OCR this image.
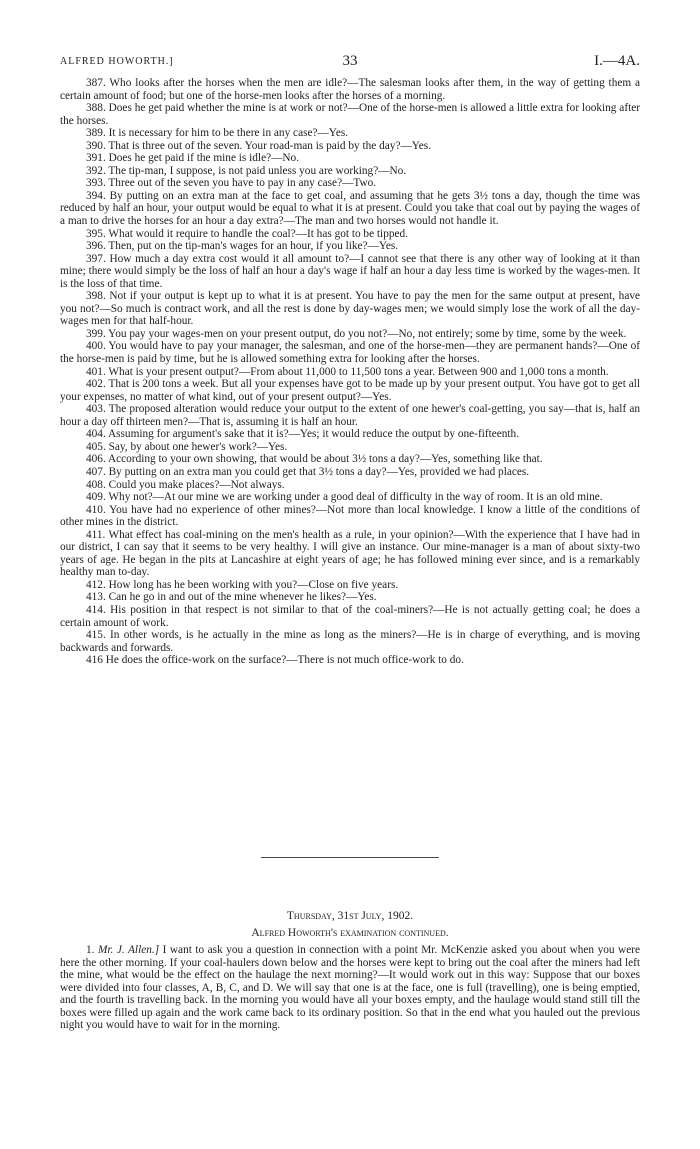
ALFRED HOWORTH.]	33	I.—4A.

387. Who looks after the horses when the men are idle?—The salesman looks after them, in the way of getting them a certain amount of food; but one of the horse-men looks after the horses of a morning.

388. Does he get paid whether the mine is at work or not?—One of the horse-men is allowed a little extra for looking after the horses.

389. It is necessary for him to be there in any case?—Yes.

390. That is three out of the seven. Your road-man is paid by the day?—Yes.

391. Does he get paid if the mine is idle?—No.

392. The tip-man, I suppose, is not paid unless you are working?—No.

393. Three out of the seven you have to pay in any case?—Two.

394. By putting on an extra man at the face to get coal, and assuming that he gets 3½ tons a day, though the time was reduced by half an hour, your output would be equal to what it is at present. Could you take that coal out by paying the wages of a man to drive the horses for an hour a day extra?—The man and two horses would not handle it.

395. What would it require to handle the coal?—It has got to be tipped.

396. Then, put on the tip-man's wages for an hour, if you like?—Yes.

397. How much a day extra cost would it all amount to?—I cannot see that there is any other way of looking at it than mine; there would simply be the loss of half an hour a day's wage if half an hour a day less time is worked by the wages-men. It is the loss of that time.

398. Not if your output is kept up to what it is at present. You have to pay the men for the same output at present, have you not?—So much is contract work, and all the rest is done by day-wages men; we would simply lose the work of all the day-wages men for that half-hour.

399. You pay your wages-men on your present output, do you not?—No, not entirely; some by time, some by the week.

400. You would have to pay your manager, the salesman, and one of the horse-men—they are permanent hands?—One of the horse-men is paid by time, but he is allowed something extra for looking after the horses.

401. What is your present output?—From about 11,000 to 11,500 tons a year. Between 900 and 1,000 tons a month.

402. That is 200 tons a week. But all your expenses have got to be made up by your present output. You have got to get all your expenses, no matter of what kind, out of your present output?—Yes.

403. The proposed alteration would reduce your output to the extent of one hewer's coal-getting, you say—that is, half an hour a day off thirteen men?—That is, assuming it is half an hour.

404. Assuming for argument's sake that it is?—Yes; it would reduce the output by one-fifteenth.

405. Say, by about one hewer's work?—Yes.

406. According to your own showing, that would be about 3½ tons a day?—Yes, something like that.

407. By putting on an extra man you could get that 3½ tons a day?—Yes, provided we had places.

408. Could you make places?—Not always.

409. Why not?—At our mine we are working under a good deal of difficulty in the way of room. It is an old mine.

410. You have had no experience of other mines?—Not more than local knowledge. I know a little of the conditions of other mines in the district.

411. What effect has coal-mining on the men's health as a rule, in your opinion?—With the experience that I have had in our district, I can say that it seems to be very healthy. I will give an instance. Our mine-manager is a man of about sixty-two years of age. He began in the pits at Lancashire at eight years of age; he has followed mining ever since, and is a remarkably healthy man to-day.

412. How long has he been working with you?—Close on five years.

413. Can he go in and out of the mine whenever he likes?—Yes.

414. His position in that respect is not similar to that of the coal-miners?—He is not actually getting coal; he does a certain amount of work.

415. In other words, is he actually in the mine as long as the miners?—He is in charge of everything, and is moving backwards and forwards.

416 He does the office-work on the surface?—There is not much office-work to do.

Thursday, 31st July, 1902.
Alfred Howorth's examination continued.

1. Mr. J. Allen.] I want to ask you a question in connection with a point Mr. McKenzie asked you about when you were here the other morning. If your coal-haulers down below and the horses were kept to bring out the coal after the miners had left the mine, what would be the effect on the haulage the next morning?—It would work out in this way: Suppose that our boxes were divided into four classes, A, B, C, and D. We will say that one is at the face, one is full (travelling), one is being emptied, and the fourth is travelling back. In the morning you would have all your boxes empty, and the haulage would stand still till the boxes were filled up again and the work came back to its ordinary position. So that in the end what you hauled out the previous night you would have to wait for in the morning.
